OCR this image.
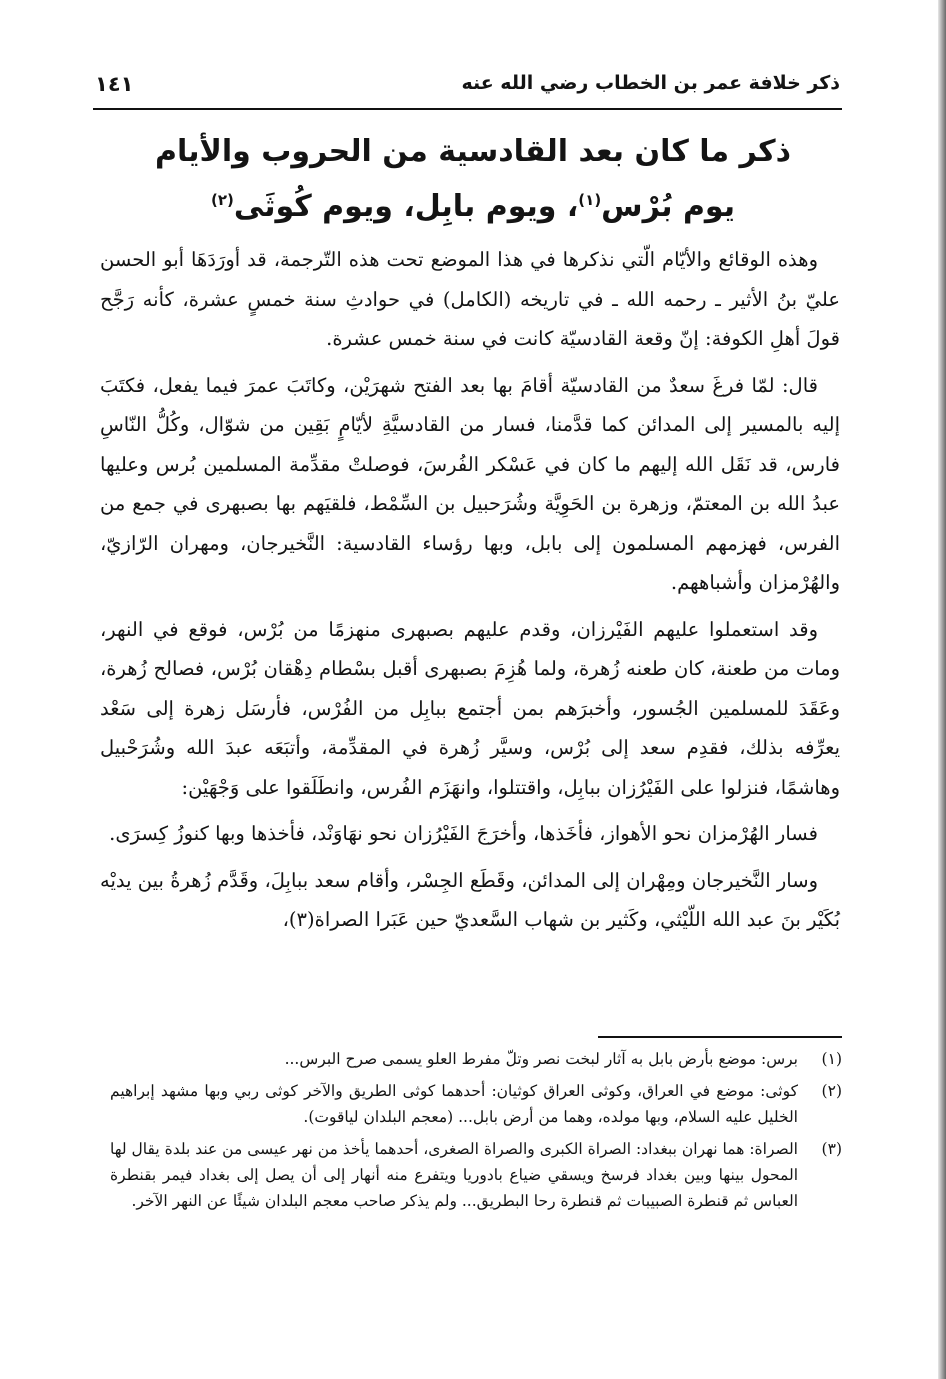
ذكر خلافة عمر بن الخطاب رضي الله عنه
١٤١
ذكر ما كان بعد القادسية من الحروب والأيام
يوم بُرْس$^{(١)}$، ويوم بابِل، ويوم كُوثَى$^{(٢)}$

وهذه الوقائع والأيّام الّتي نذكرها في هذا الموضع تحت هذه التّرجمة، قد أورَدَهَا أبو الحسن عليّ بنُ الأثير ـ رحمه الله ـ في تاريخه (الكامل) في حوادثِ سنة خمسٍ عشرة، كأنه رَجَّح قولَ أهلِ الكوفة: إنّ وقعة القادسيّة كانت في سنة خمس عشرة.

قال: لمّا فرغَ سعدٌ من القادسيّة أقامَ بها بعد الفتح شهرَيْن، وكاتَبَ عمرَ فيما يفعل، فكتَبَ إليه بالمسير إلى المدائن كما قدَّمنا، فسار من القادسيَّةِ لأيّامٍ بَقِين من شوّال، وكُلُّ النّاسِ فارس، قد نَقَل الله إليهم ما كان في عَسْكر الفُرسَ، فوصلتْ مقدِّمة المسلمين بُرس وعليها عبدُ الله بن المعتمّ، وزهرة بن الحَوِيَّة وشُرَحبيل بن السِّمْط، فلقيَهم بها بصبهرى في جمع من الفرس، فهزمهم المسلمون إلى بابل، وبها رؤساء القادسية: النَّخيرجان، ومهران الرّازيّ، والهُرْمزان وأشباههم.

وقد استعملوا عليهم الفَيْرزان، وقدم عليهم بصبهرى منهزمًا من بُرْس، فوقع في النهر، ومات من طعنة، كان طعنه زُهرة، ولما هُزِمَ بصبهرى أقبل بسْطام دِهْقان بُرْس، فصالح زُهرة، وعَقَدَ للمسلمين الجُسور، وأخبرَهم بمن أجتمع ببابِل من الفُرْس، فأرسَل زهرة إلى سَعْد يعرِّفه بذلك، فقدِم سعد إلى بُرْس، وسيَّر زُهرة في المقدِّمة، وأتبَعَه عبدَ الله وشُرَحْبيل وهاشمًا، فنزلوا على الفَيْرُزان ببابِل، واقتتلوا، وانهَزَم الفُرس، وانطَلَقوا على وَجْهَيْن:

فسار الهُرْمزان نحو الأهواز، فأخَذها، وأخرَجَ الفَيْرُزان نحو نهَاوَنْد، فأخذها وبها كنوزُ كِسرَى.

وسار النَّخيرجان ومِهْران إلى المدائن، وقَطَع الجِسْر، وأقام سعد ببابِلَ، وقَدَّم زُهرةُ بين يديْه بُكَيْر بنَ عبد الله اللّيْثي، وكَثير بن شهاب السَّعديّ حين عَبَرا الصراة(٣)،

(١)
برس: موضع بأرض بابل به آثار لبخت نصر وتلّ مفرط العلو يسمى صرح البرس...
(٢)
كوثى: موضع في العراق، وكوثى العراق كوثيان: أحدهما كوثى الطريق والآخر كوثى ربي وبها مشهد إبراهيم الخليل عليه السلام، وبها مولده، وهما من أرض بابل... (معجم البلدان لياقوت).
(٣)
الصراة: هما نهران ببغداد: الصراة الكبرى والصراة الصغرى، أحدهما يأخذ من نهر عيسى من عند بلدة يقال لها المحول بينها وبين بغداد فرسخ ويسقي ضياع بادوريا ويتفرع منه أنهار إلى أن يصل إلى بغداد فيمر بقنطرة العباس ثم قنطرة الصبيبات ثم قنطرة رحا البطريق... ولم يذكر صاحب معجم البلدان شيئًا عن النهر الآخر.
